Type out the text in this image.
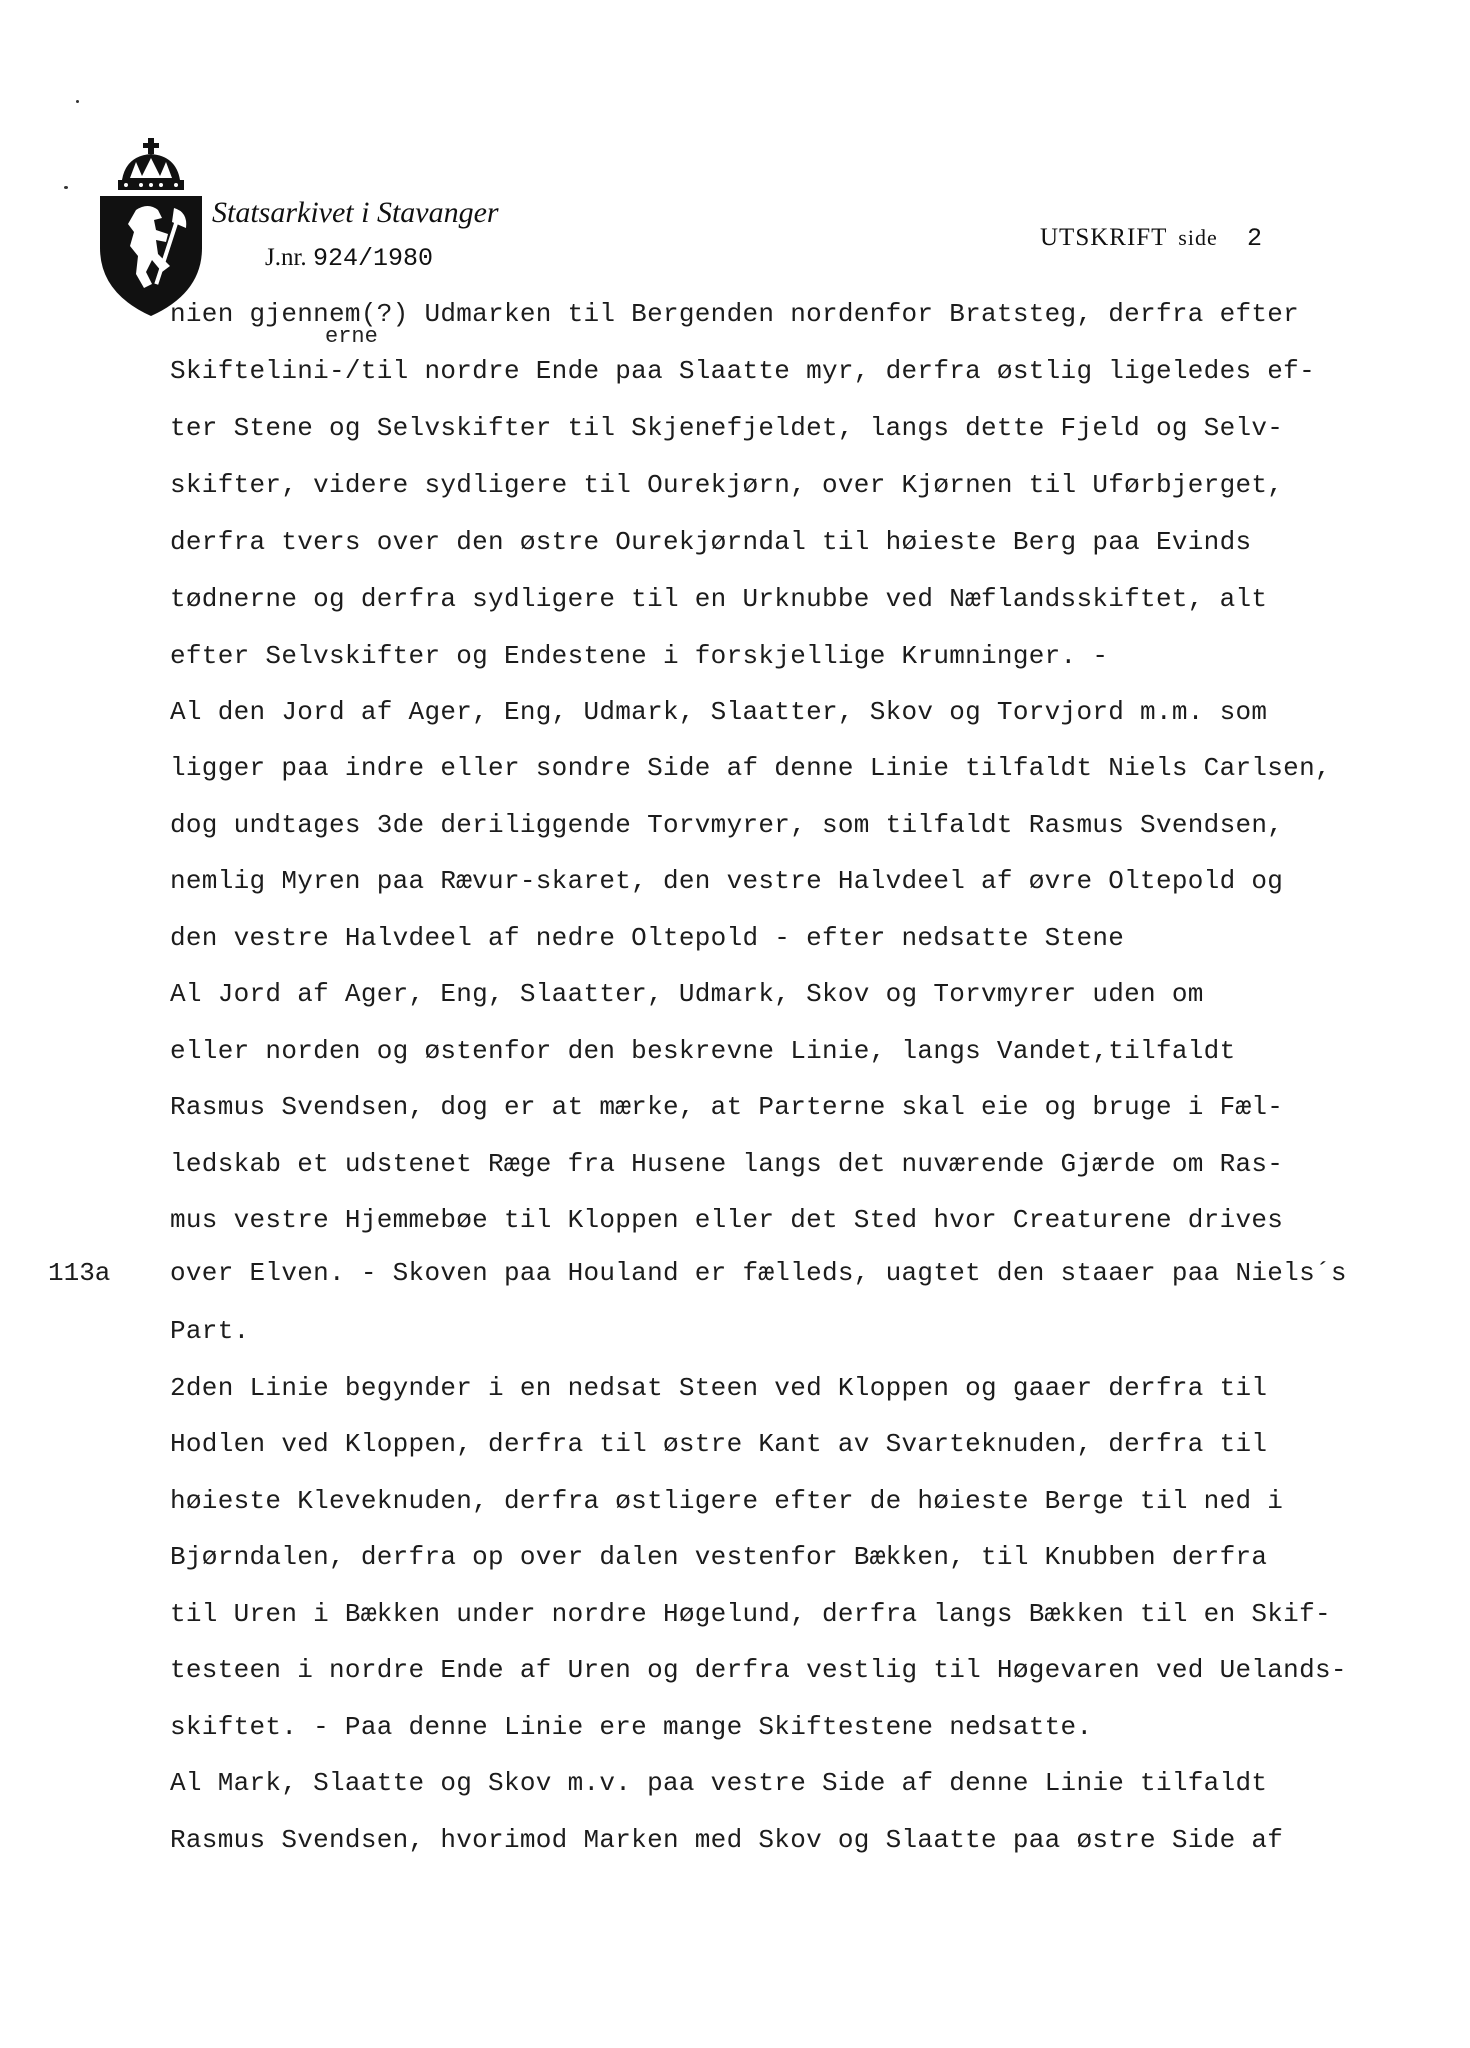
Statsarkivet i Stavanger
J.nr. 924/1980
UTSKRIFT side 2
erne
113a
nien gjennem(?) Udmarken til Bergenden nordenfor Bratsteg, derfra efter
Skiftelini-/til nordre Ende paa Slaatte myr, derfra østlig ligeledes ef-
ter Stene og Selvskifter til Skjenefjeldet, langs dette Fjeld og Selv-
skifter, videre sydligere til Ourekjørn, over Kjørnen til Uførbjerget,
derfra tvers over den østre Ourekjørndal til høieste Berg paa Evinds
tødnerne og derfra sydligere til en Urknubbe ved Næflandsskiftet, alt
efter Selvskifter og Endestene i forskjellige Krumninger. -
Al den Jord af Ager, Eng, Udmark, Slaatter, Skov og Torvjord m.m. som
ligger paa indre eller sondre Side af denne Linie tilfaldt Niels Carlsen,
dog undtages 3de deriliggende Torvmyrer, som tilfaldt Rasmus Svendsen,
nemlig Myren paa Rævur-skaret, den vestre Halvdeel af øvre Oltepold og
den vestre Halvdeel af nedre Oltepold - efter nedsatte Stene
Al Jord af Ager, Eng, Slaatter, Udmark, Skov og Torvmyrer uden om
eller norden og østenfor den beskrevne Linie, langs Vandet,tilfaldt
Rasmus Svendsen, dog er at mærke, at Parterne skal eie og bruge i Fæl-
ledskab et udstenet Ræge fra Husene langs det nuværende Gjærde om Ras-
mus vestre Hjemmebøe til Kloppen eller det Sted hvor Creaturene drives
over Elven. - Skoven paa Houland er fælleds, uagtet den staaer paa Niels´s
Part.
2den Linie begynder i en nedsat Steen ved Kloppen og gaaer derfra til
Hodlen ved Kloppen, derfra til østre Kant av Svarteknuden, derfra til
høieste Kleveknuden, derfra østligere efter de høieste Berge til ned i
Bjørndalen, derfra op over dalen vestenfor Bækken, til Knubben derfra
til Uren i Bækken under nordre Høgelund, derfra langs Bækken til en Skif-
testeen i nordre Ende af Uren og derfra vestlig til Høgevaren ved Uelands-
skiftet. - Paa denne Linie ere mange Skiftestene nedsatte.
Al Mark, Slaatte og Skov m.v. paa vestre Side af denne Linie tilfaldt
Rasmus Svendsen, hvorimod Marken med Skov og Slaatte paa østre Side af
